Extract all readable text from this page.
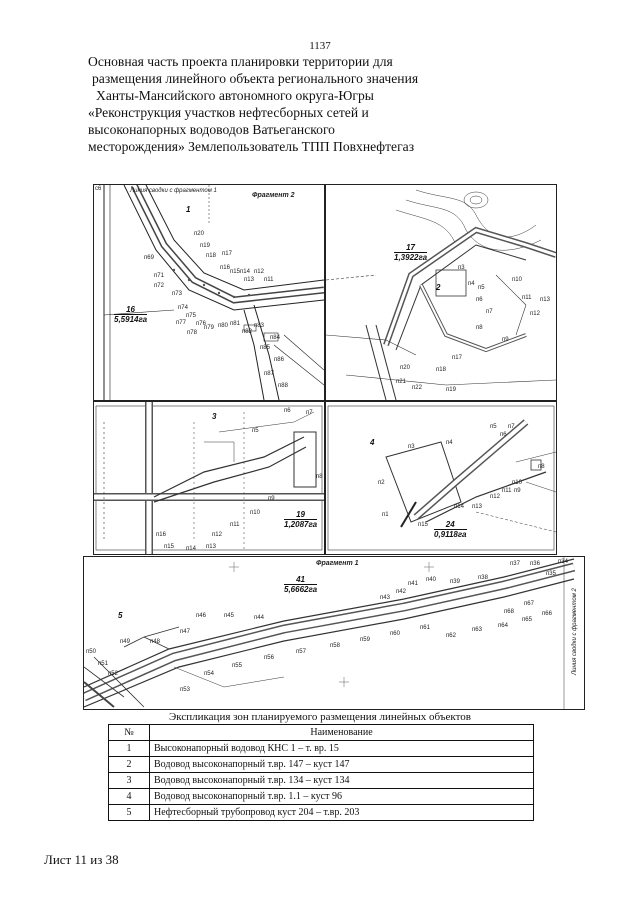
1137
Основная часть проекта планировки территории для
размещения линейного объекта регионального значения
Ханты-Мансийского автономного округа-Югры
«Реконструкция участков нефтесборных сетей и
высоконапорных водоводов Ватьеганского
месторождения» Землепользователь ТПП Повхнефтегаз
с6	Линия сводки с фрагментом 1
Фрагмент 2
1
16
5,5914га
п20
п19
п18 п17
п69
п16
п15 п14
п13
п12
п11
п71
п72
п73
п74
п75
п76
п77
п78
п79 п80 п81
п82
п83
п84
п85
п86
п87
п88
2
17
1,3922га
п3
п4
п5
п6
п7
п8
п9
п10
п11
п12
п13
п17
п18
п19
п20
п21
п22
3
19
1,2087га
п5
п6	п7
п8
п9
п10
п11
п12
п13
п14
п15
п16
4
24
0,9118га
п1
п2
п3
п4
п5
п6
п7
п8
п9
п10
п11
п12
п13
п14
п15
Фрагмент 1
Линия сводки с фрагментом 2
5
41
5,6662га
п34
п35
п36
п37
п38
п39
п40
п41
п42
п43
п44
п45
п46
п47
п48
п49
п50
п51
п52
п53
п54
п55
п56
п57
п58
п59
п60
п61
п62
п63
п64
п65
п66
п67
п68
Экспликация зон планируемого размещения линейных объектов
№	Наименование
1	Высоконапорный водовод КНС 1 – т. вр. 15
2	Водовод высоконапорный т.вр. 147 – куст 147
3	Водовод высоконапорный т.вр. 134 – куст 134
4	Водовод высоконапорный т.вр. 1.1 – куст 96
5	Нефтесборный трубопровод куст 204 – т.вр. 203
Лист 11 из 38
